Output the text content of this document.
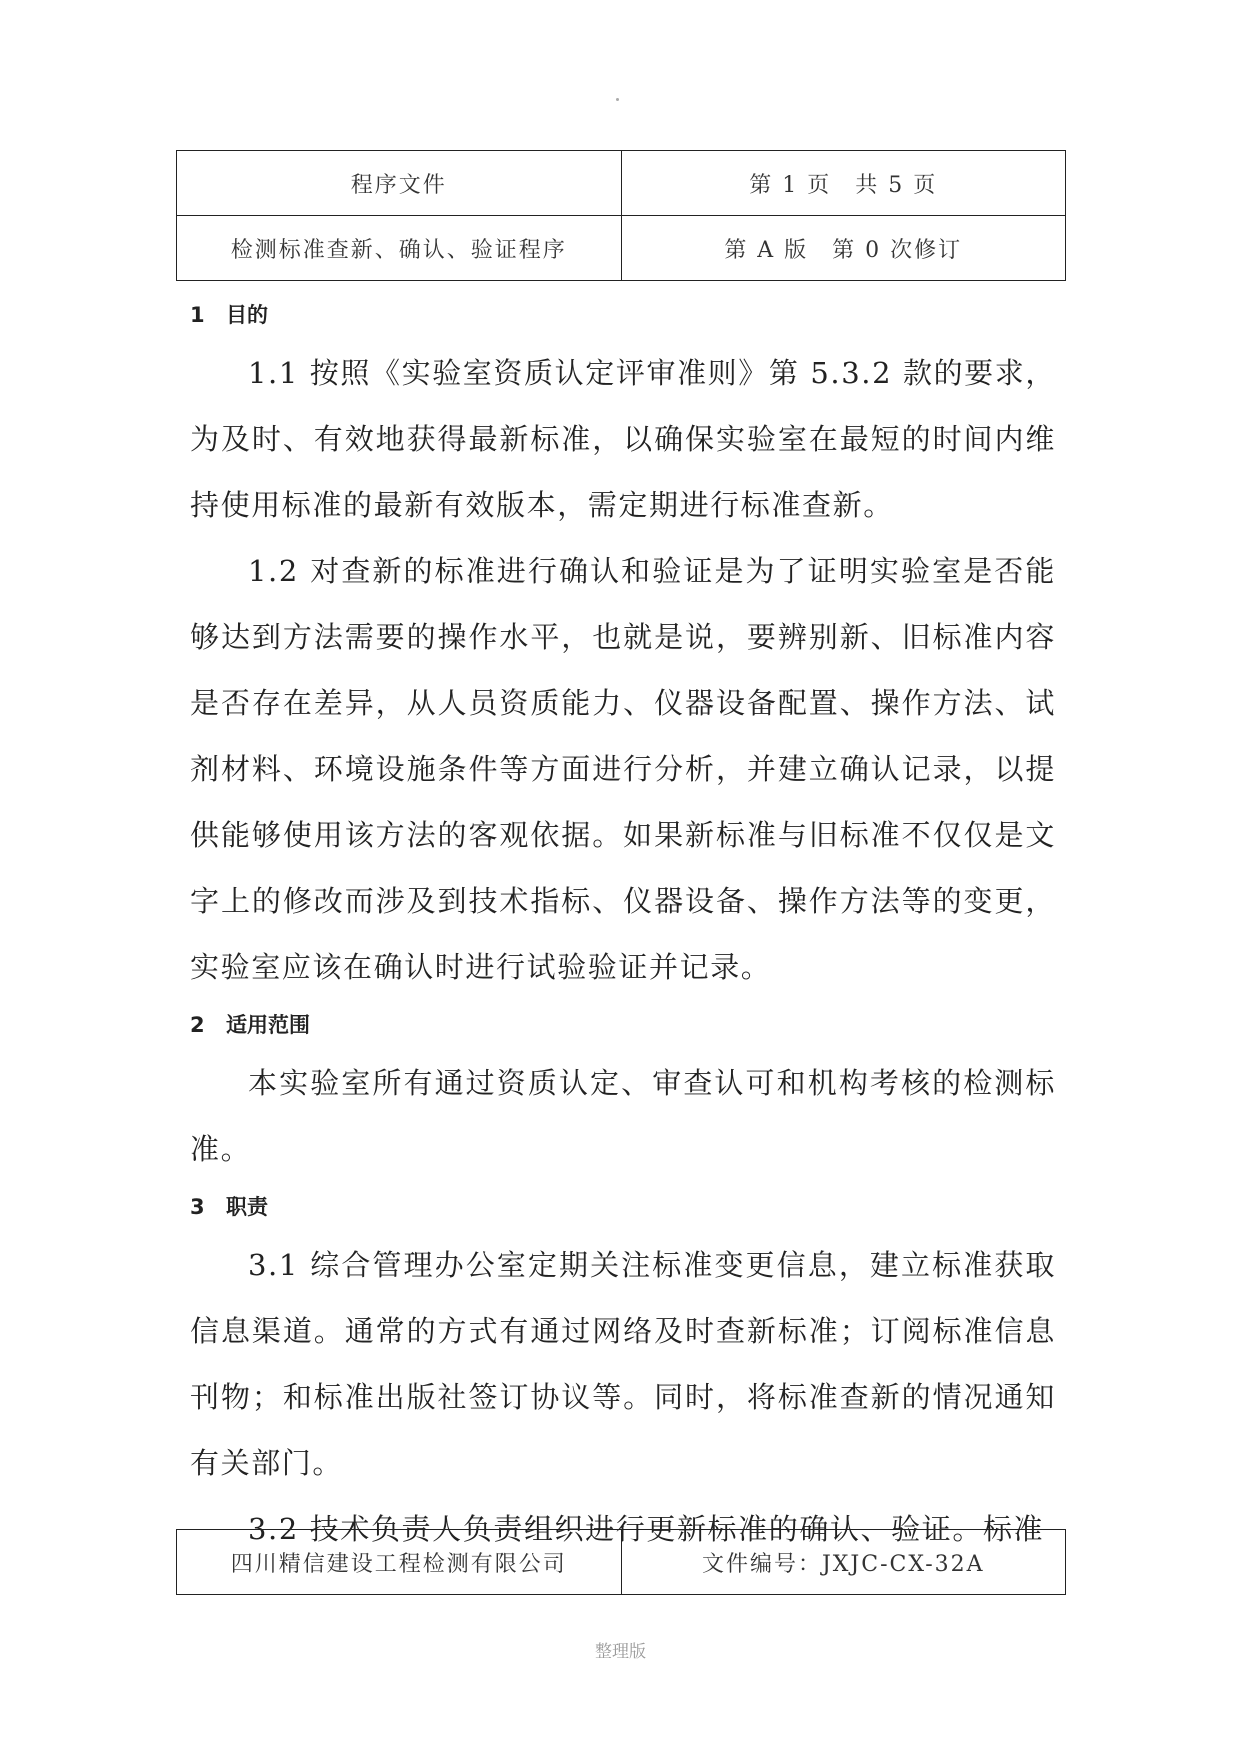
程序文件	第 1 页　共 5 页
检测标准查新、确认、验证程序	第 A 版　第 0 次修订
1 目的

1.1 按照《实验室资质认定评审准则》第 5.3.2 款的要求，为及时、有效地获得最新标准，以确保实验室在最短的时间内维持使用标准的最新有效版本，需定期进行标准查新。

1.2 对查新的标准进行确认和验证是为了证明实验室是否能够达到方法需要的操作水平，也就是说，要辨别新、旧标准内容是否存在差异，从人员资质能力、仪器设备配置、操作方法、试剂材料、环境设施条件等方面进行分析，并建立确认记录，以提供能够使用该方法的客观依据。如果新标准与旧标准不仅仅是文字上的修改而涉及到技术指标、仪器设备、操作方法等的变更，实验室应该在确认时进行试验验证并记录。

2 适用范围

本实验室所有通过资质认定、审查认可和机构考核的检测标准。

3 职责

3.1 综合管理办公室定期关注标准变更信息，建立标准获取信息渠道。通常的方式有通过网络及时查新标准；订阅标准信息刊物；和标准出版社签订协议等。同时，将标准查新的情况通知有关部门。

3.2 技术负责人负责组织进行更新标准的确认、验证。标准

四川精信建设工程检测有限公司	文件编号：JXJC-CX-32A
整理版
